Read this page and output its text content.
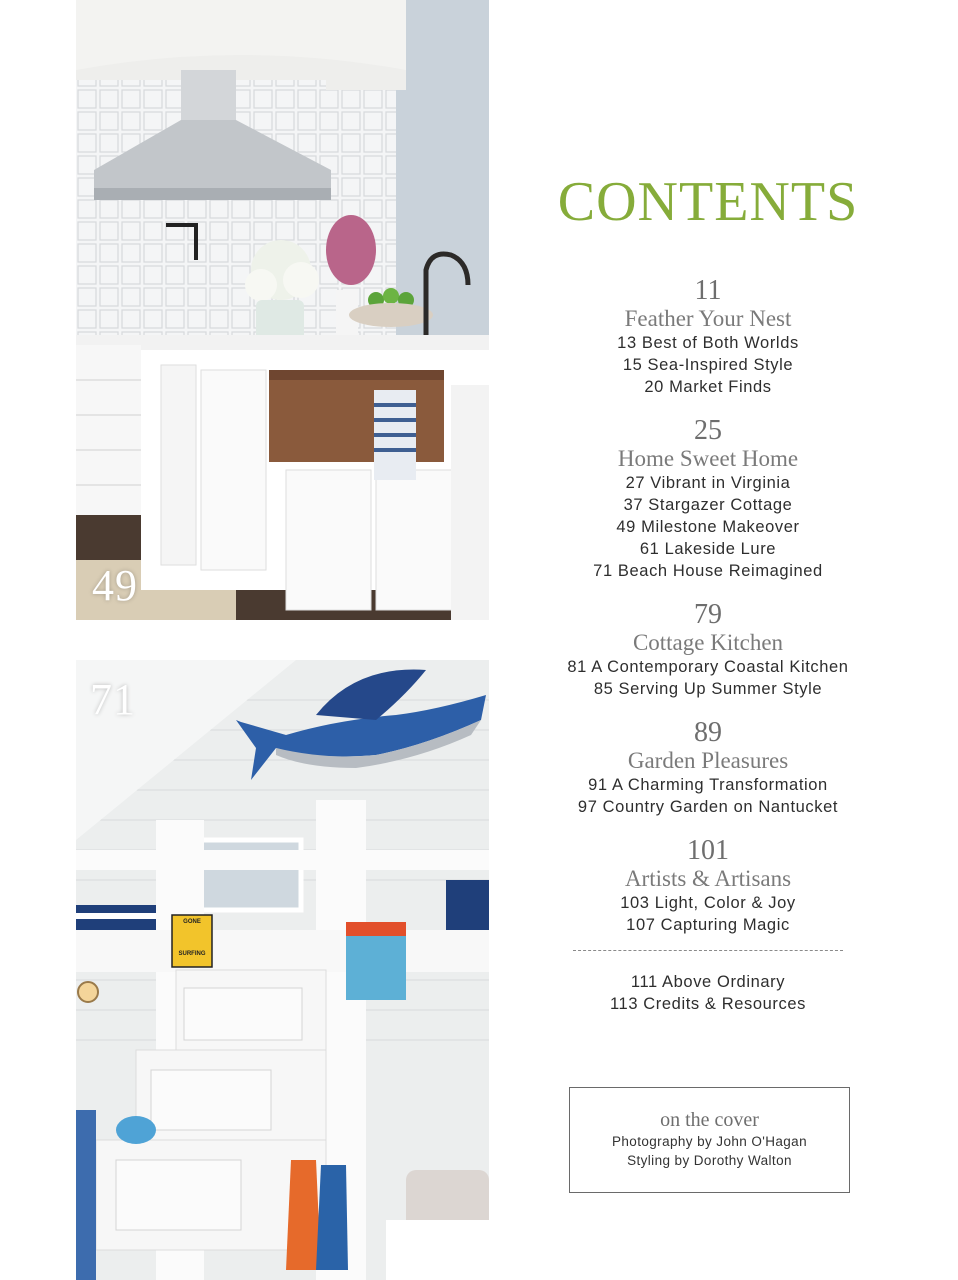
49
71
GONE
SURFING
CONTENTS
11
Feather Your Nest
13 Best of Both Worlds
15 Sea-Inspired Style
20 Market Finds
25
Home Sweet Home
27 Vibrant in Virginia
37 Stargazer Cottage
49 Milestone Makeover
61 Lakeside Lure
71 Beach House Reimagined
79
Cottage Kitchen
81 A Contemporary Coastal Kitchen
85 Serving Up Summer Style
89
Garden Pleasures
91 A Charming Transformation
97 Country Garden on Nantucket
101
Artists & Artisans
103 Light, Color & Joy
107 Capturing Magic
111 Above Ordinary
113 Credits & Resources
on the cover
Photography by John O'Hagan
Styling by Dorothy Walton
